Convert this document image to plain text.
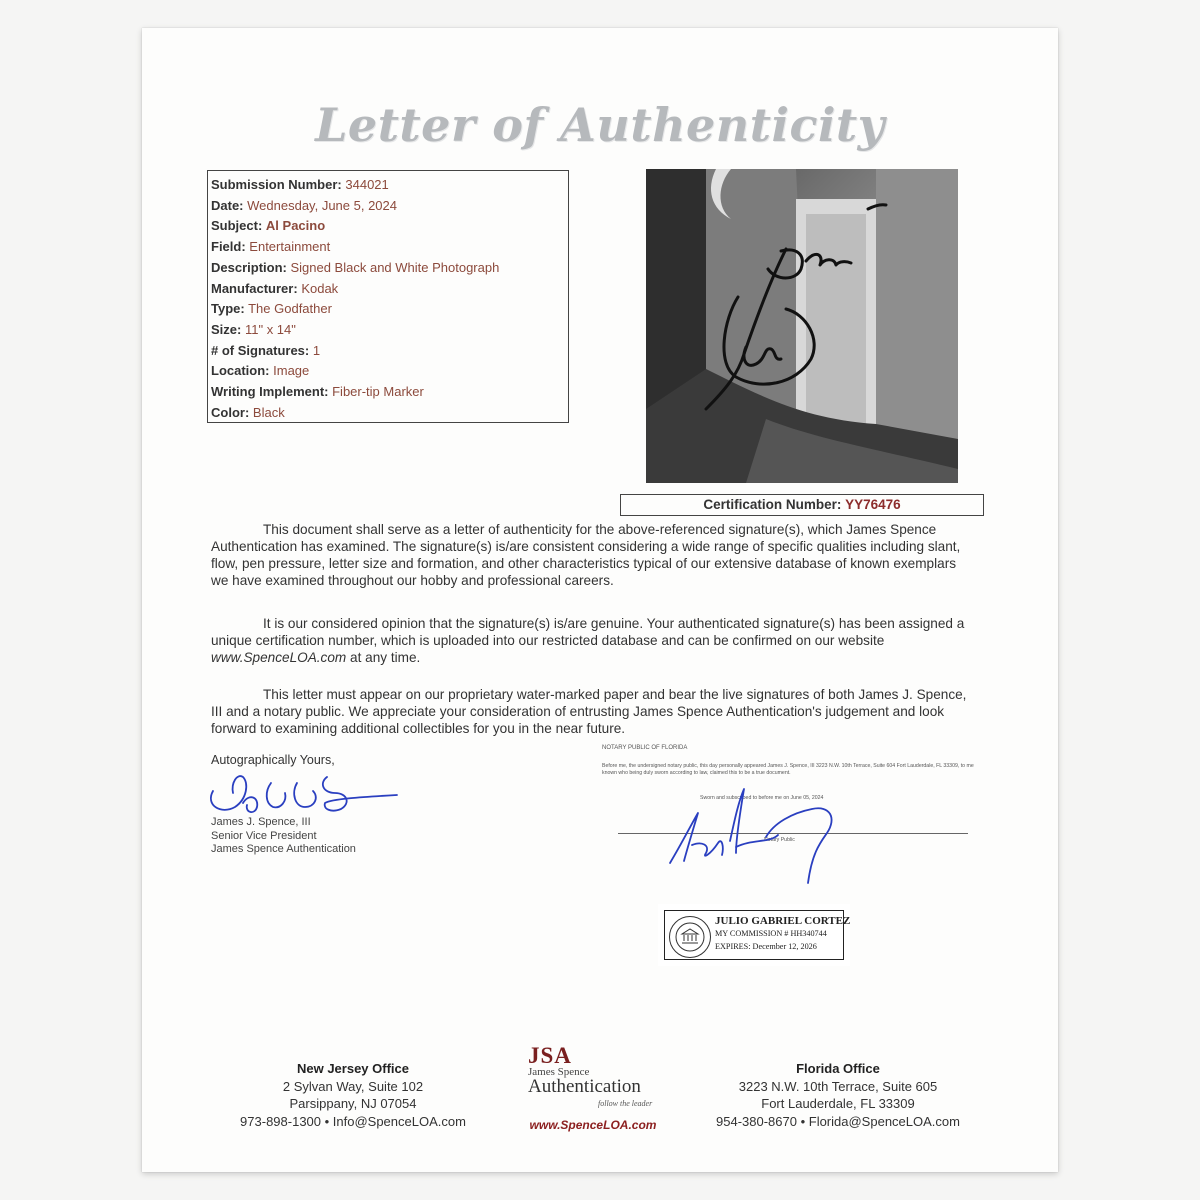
Letter of Authenticity
Submission Number: 344021
Date: Wednesday, June 5, 2024
Subject: Al Pacino
Field: Entertainment
Description: Signed Black and White Photograph
Manufacturer: Kodak
Type: The Godfather
Size: 11" x 14"
# of Signatures: 1
Location: Image
Writing Implement: Fiber-tip Marker
Color: Black
Certification Number: YY76476
This document shall serve as a letter of authenticity for the above-referenced signature(s), which James Spence Authentication has examined. The signature(s) is/are consistent considering a wide range of specific qualities including slant, flow, pen pressure, letter size and formation, and other characteristics typical of our extensive database of known exemplars we have examined throughout our hobby and professional careers.
It is our considered opinion that the signature(s) is/are genuine. Your authenticated signature(s) has been assigned a unique certification number, which is uploaded into our restricted database and can be confirmed on our website www.SpenceLOA.com at any time.
This letter must appear on our proprietary water-marked paper and bear the live signatures of both James J. Spence, III and a notary public. We appreciate your consideration of entrusting James Spence Authentication's judgement and look forward to examining additional collectibles for you in the near future.
Autographically Yours,
James J. Spence, III
Senior Vice President
James Spence Authentication
NOTARY PUBLIC OF FLORIDA
Before me, the undersigned notary public, this day personally appeared James J. Spence, III 3223 N.W. 10th Terrace, Suite 604 Fort Lauderdale, FL 33309, to me known who being duly sworn according to law, claimed this to be a true document.
Sworn and subscribed to before me on June 05, 2024
Notary Public
JULIO GABRIEL CORTEZ
MY COMMISSION # HH340744
EXPIRES: December 12, 2026
New Jersey Office
2 Sylvan Way, Suite 102
Parsippany, NJ 07054
973-898-1300 • Info@SpenceLOA.com
JSA
James Spence
Authentication
follow the leader
www.SpenceLOA.com
Florida Office
3223 N.W. 10th Terrace, Suite 605
Fort Lauderdale, FL 33309
954-380-8670 • Florida@SpenceLOA.com
